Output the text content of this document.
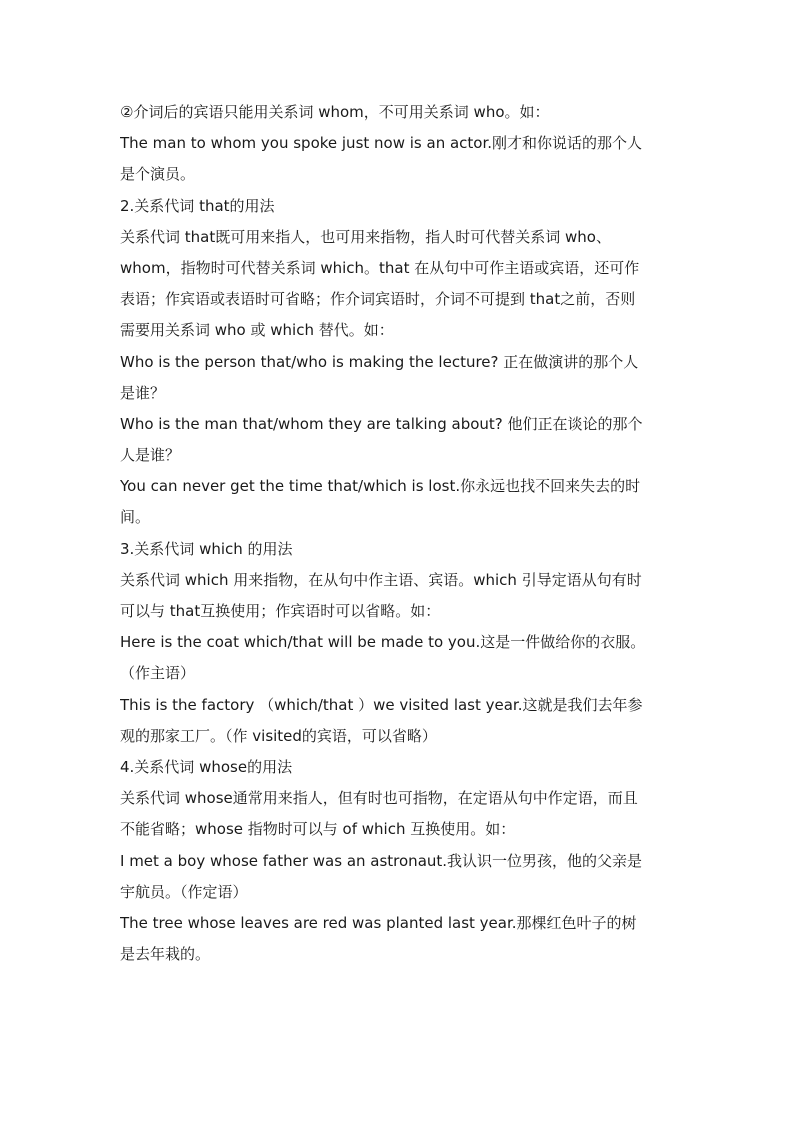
②介词后的宾语只能用关系词 whom，不可用关系词 who。如：
The man to whom you spoke just now is an actor.刚才和你说话的那个人
是个演员。
2.关系代词 that的用法
关系代词 that既可用来指人，也可用来指物，指人时可代替关系词 who、
whom，指物时可代替关系词 which。that 在从句中可作主语或宾语，还可作
表语；作宾语或表语时可省略；作介词宾语时，介词不可提到 that之前，否则
需要用关系词 who 或 which 替代。如：
Who is the person that/who is making the lecture? 正在做演讲的那个人
是谁？
Who is the man that/whom they are talking about? 他们正在谈论的那个
人是谁？
You can never get the time that/which is lost.你永远也找不回来失去的时
间。
3.关系代词 which 的用法
关系代词 which 用来指物，在从句中作主语、宾语。which 引导定语从句有时
可以与 that互换使用；作宾语时可以省略。如：
Here is the coat which/that will be made to you.这是一件做给你的衣服。
（作主语）
This is the factory （which/that ）we visited last year.这就是我们去年参
观的那家工厂。（作 visited的宾语，可以省略）
4.关系代词 whose的用法
关系代词 whose通常用来指人，但有时也可指物，在定语从句中作定语，而且
不能省略；whose 指物时可以与 of which 互换使用。如：
I met a boy whose father was an astronaut.我认识一位男孩，他的父亲是
宇航员。（作定语）
The tree whose leaves are red was planted last year.那棵红色叶子的树
是去年栽的。
